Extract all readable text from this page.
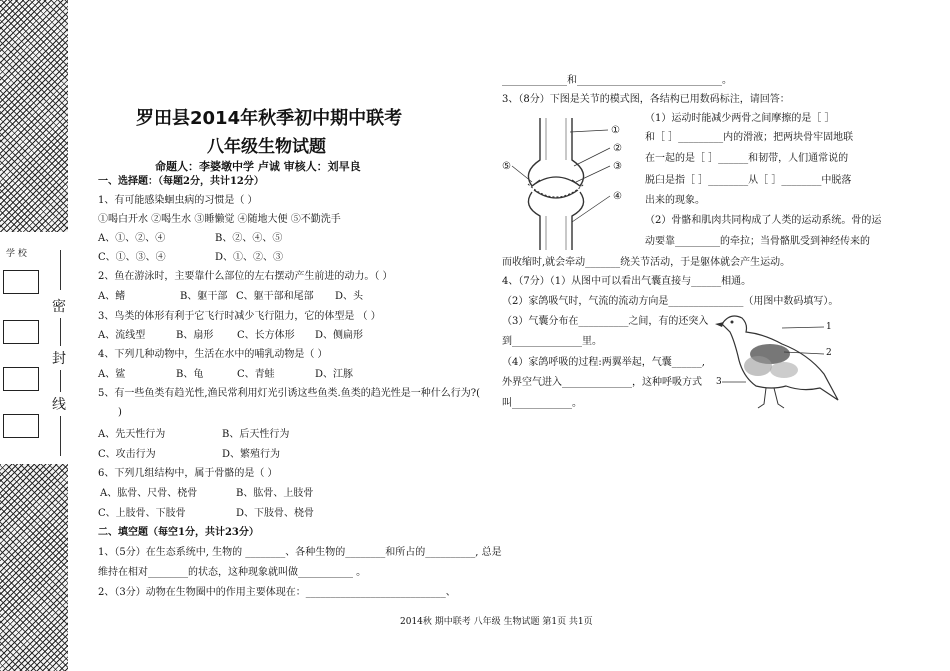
学 校
密
封
线
罗田县2014年秋季初中期中联考
八年级生物试题
命题人：李婆墩中学 卢诚 审核人：刘早良
一、选择题：（每题2分，共计12分）
1、有可能感染蛔虫病的习惯是（ ）
①喝白开水 ②喝生水 ③睡懒觉 ④随地大便 ⑤不勤洗手
A、①、②、④	B、②、④、⑤
C、①、③、④	D、①、②、③
2、鱼在游泳时，主要靠什么部位的左右摆动产生前进的动力。（ ）
A、鳍	B、躯干部 C、躯干部和尾部 D、头
3、鸟类的体形有利于它飞行时减少飞行阻力，它的体型是 （ ）
A、流线型	B、扇形 C、长方体形 D、侧扁形
4、下列几种动物中，生活在水中的哺乳动物是（ ）
A、鲨	B、龟	C、青蛙	D、江豚
5、有一些鱼类有趋光性,渔民常利用灯光引诱这些鱼类.鱼类的趋光性是一种什么行为?(
)
A、先天性行为	B、后天性行为
C、攻击行为	D、繁殖行为
6、下列几组结构中，属于骨骼的是（ ）
A、肱骨、尺骨、桡骨	B、肱骨、上肢骨
C、上肢骨、下肢骨	D、下肢骨、桡骨
二、填空题（每空1分，共计23分）
1、（5分）在生态系统中, 生物的 ________、各种生物的________和所占的__________, 总是
维持在相对________的状态，这种现象就叫做___________ 。
2、（3分）动物在生物圈中的作用主要体现在：____________________________、
_____________和_____________________________。
3、（8分）下图是关节的模式图，各结构已用数码标注，请回答：
①
②
③
④
⑤
（1）运动时能减少两骨之间摩擦的是［ ］
和［ ］_________内的滑液；把两块骨牢固地联
在一起的是［ ］______和韧带，人们通常说的
脱臼是指［ ］________从［ ］________中脱落
出来的现象。
（2）骨骼和肌肉共同构成了人类的运动系统。骨的运
动要靠_________的牵拉；当骨骼肌受到神经传来的
而收缩时,就会牵动_______绕关节活动，于是躯体就会产生运动。
4、（7分）（1）从图中可以看出气囊直接与______相通。
（2）家鸽吸气时，气流的流动方向是_______________（用图中数码填写）。
（3）气囊分布在__________之间，有的还突入
到______________里。
（4）家鸽呼吸的过程:两翼举起，气囊______,
外界空气进入______________，这种呼吸方式
叫____________。
1
2
3
2014秋 期中联考 八年级 生物试题 第1页 共1页
